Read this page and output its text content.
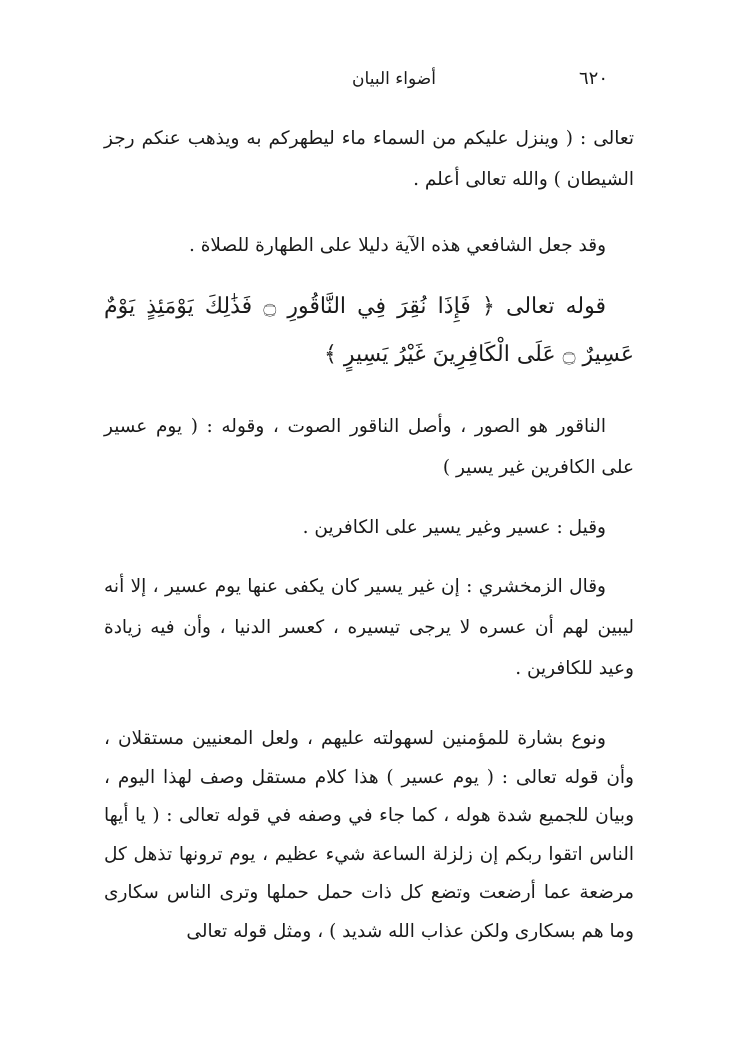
٦٢٠
أضواء البيان

تعالى : ( وينزل عليكم من السماء ماء ليطهركم به ويذهب عنكم رجز الشيطان ) والله تعالى أعلم .

وقد جعل الشافعي هذه الآية دليلا على الطهارة للصلاة .

قوله تعالى ﴿ فَإِذَا نُقِرَ فِي النَّاقُورِ ۝ فَذَٰلِكَ يَوْمَئِذٍ يَوْمٌ عَسِيرٌ ۝ عَلَى الْكَافِرِينَ غَيْرُ يَسِيرٍ ﴾

الناقور هو الصور ، وأصل الناقور الصوت ، وقوله : ( يوم عسير على الكافرين غير يسير )

وقيل : عسير وغير يسير على الكافرين .

وقال الزمخشري : إن غير يسير كان يكفى عنها يوم عسير ، إلا أنه ليبين لهم أن عسره لا يرجى تيسيره ، كعسر الدنيا ، وأن فيه زيادة وعيد للكافرين .

ونوع بشارة للمؤمنين لسهولته عليهم ، ولعل المعنيين مستقلان ، وأن قوله تعالى : ( يوم عسير ) هذا كلام مستقل وصف لهذا اليوم ، وبيان للجميع شدة هوله ، كما جاء في وصفه في قوله تعالى : ( يا أيها الناس اتقوا ربكم إن زلزلة الساعة شيء عظيم ، يوم ترونها تذهل كل مرضعة عما أرضعت وتضع كل ذات حمل حملها وترى الناس سكارى وما هم بسكارى ولكن عذاب الله شديد ) ، ومثل قوله تعالى
